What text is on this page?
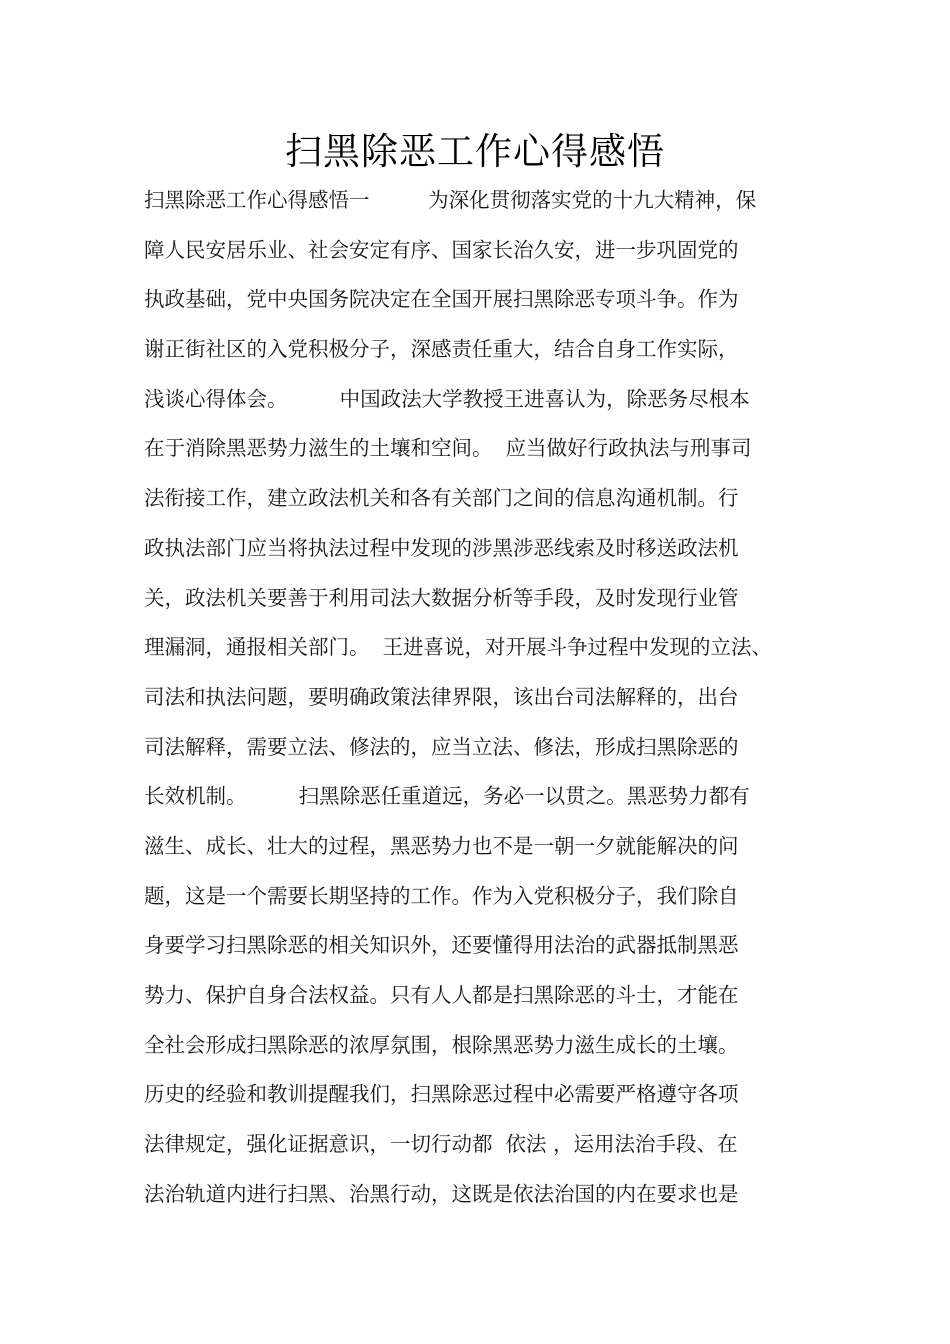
扫黑除恶工作心得感悟
扫黑除恶工作心得感悟一         为深化贯彻落实党的十九大精神，保
障人民安居乐业、社会安定有序、国家长治久安，进一步巩固党的
执政基础，党中央国务院决定在全国开展扫黑除恶专项斗争。作为
谢正街社区的入党积极分子，深感责任重大，结合自身工作实际，
浅谈心得体会。        中国政法大学教授王进喜认为，除恶务尽根本
在于消除黑恶势力滋生的土壤和空间。  应当做好行政执法与刑事司
法衔接工作，建立政法机关和各有关部门之间的信息沟通机制。行
政执法部门应当将执法过程中发现的涉黑涉恶线索及时移送政法机
关，政法机关要善于利用司法大数据分析等手段，及时发现行业管
理漏洞，通报相关部门。  王进喜说，对开展斗争过程中发现的立法、
司法和执法问题，要明确政策法律界限，该出台司法解释的，出台
司法解释，需要立法、修法的，应当立法、修法，形成扫黑除恶的
长效机制。        扫黑除恶任重道远，务必一以贯之。黑恶势力都有
滋生、成长、壮大的过程，黑恶势力也不是一朝一夕就能解决的问
题，这是一个需要长期坚持的工作。作为入党积极分子，我们除自
身要学习扫黑除恶的相关知识外，还要懂得用法治的武器抵制黑恶
势力、保护自身合法权益。只有人人都是扫黑除恶的斗士，才能在
全社会形成扫黑除恶的浓厚氛围，根除黑恶势力滋生成长的土壤。
历史的经验和教训提醒我们，扫黑除恶过程中必需要严格遵守各项
法律规定，强化证据意识，一切行动都  依法 ，运用法治手段、在
法治轨道内进行扫黑、治黑行动，这既是依法治国的内在要求也是
